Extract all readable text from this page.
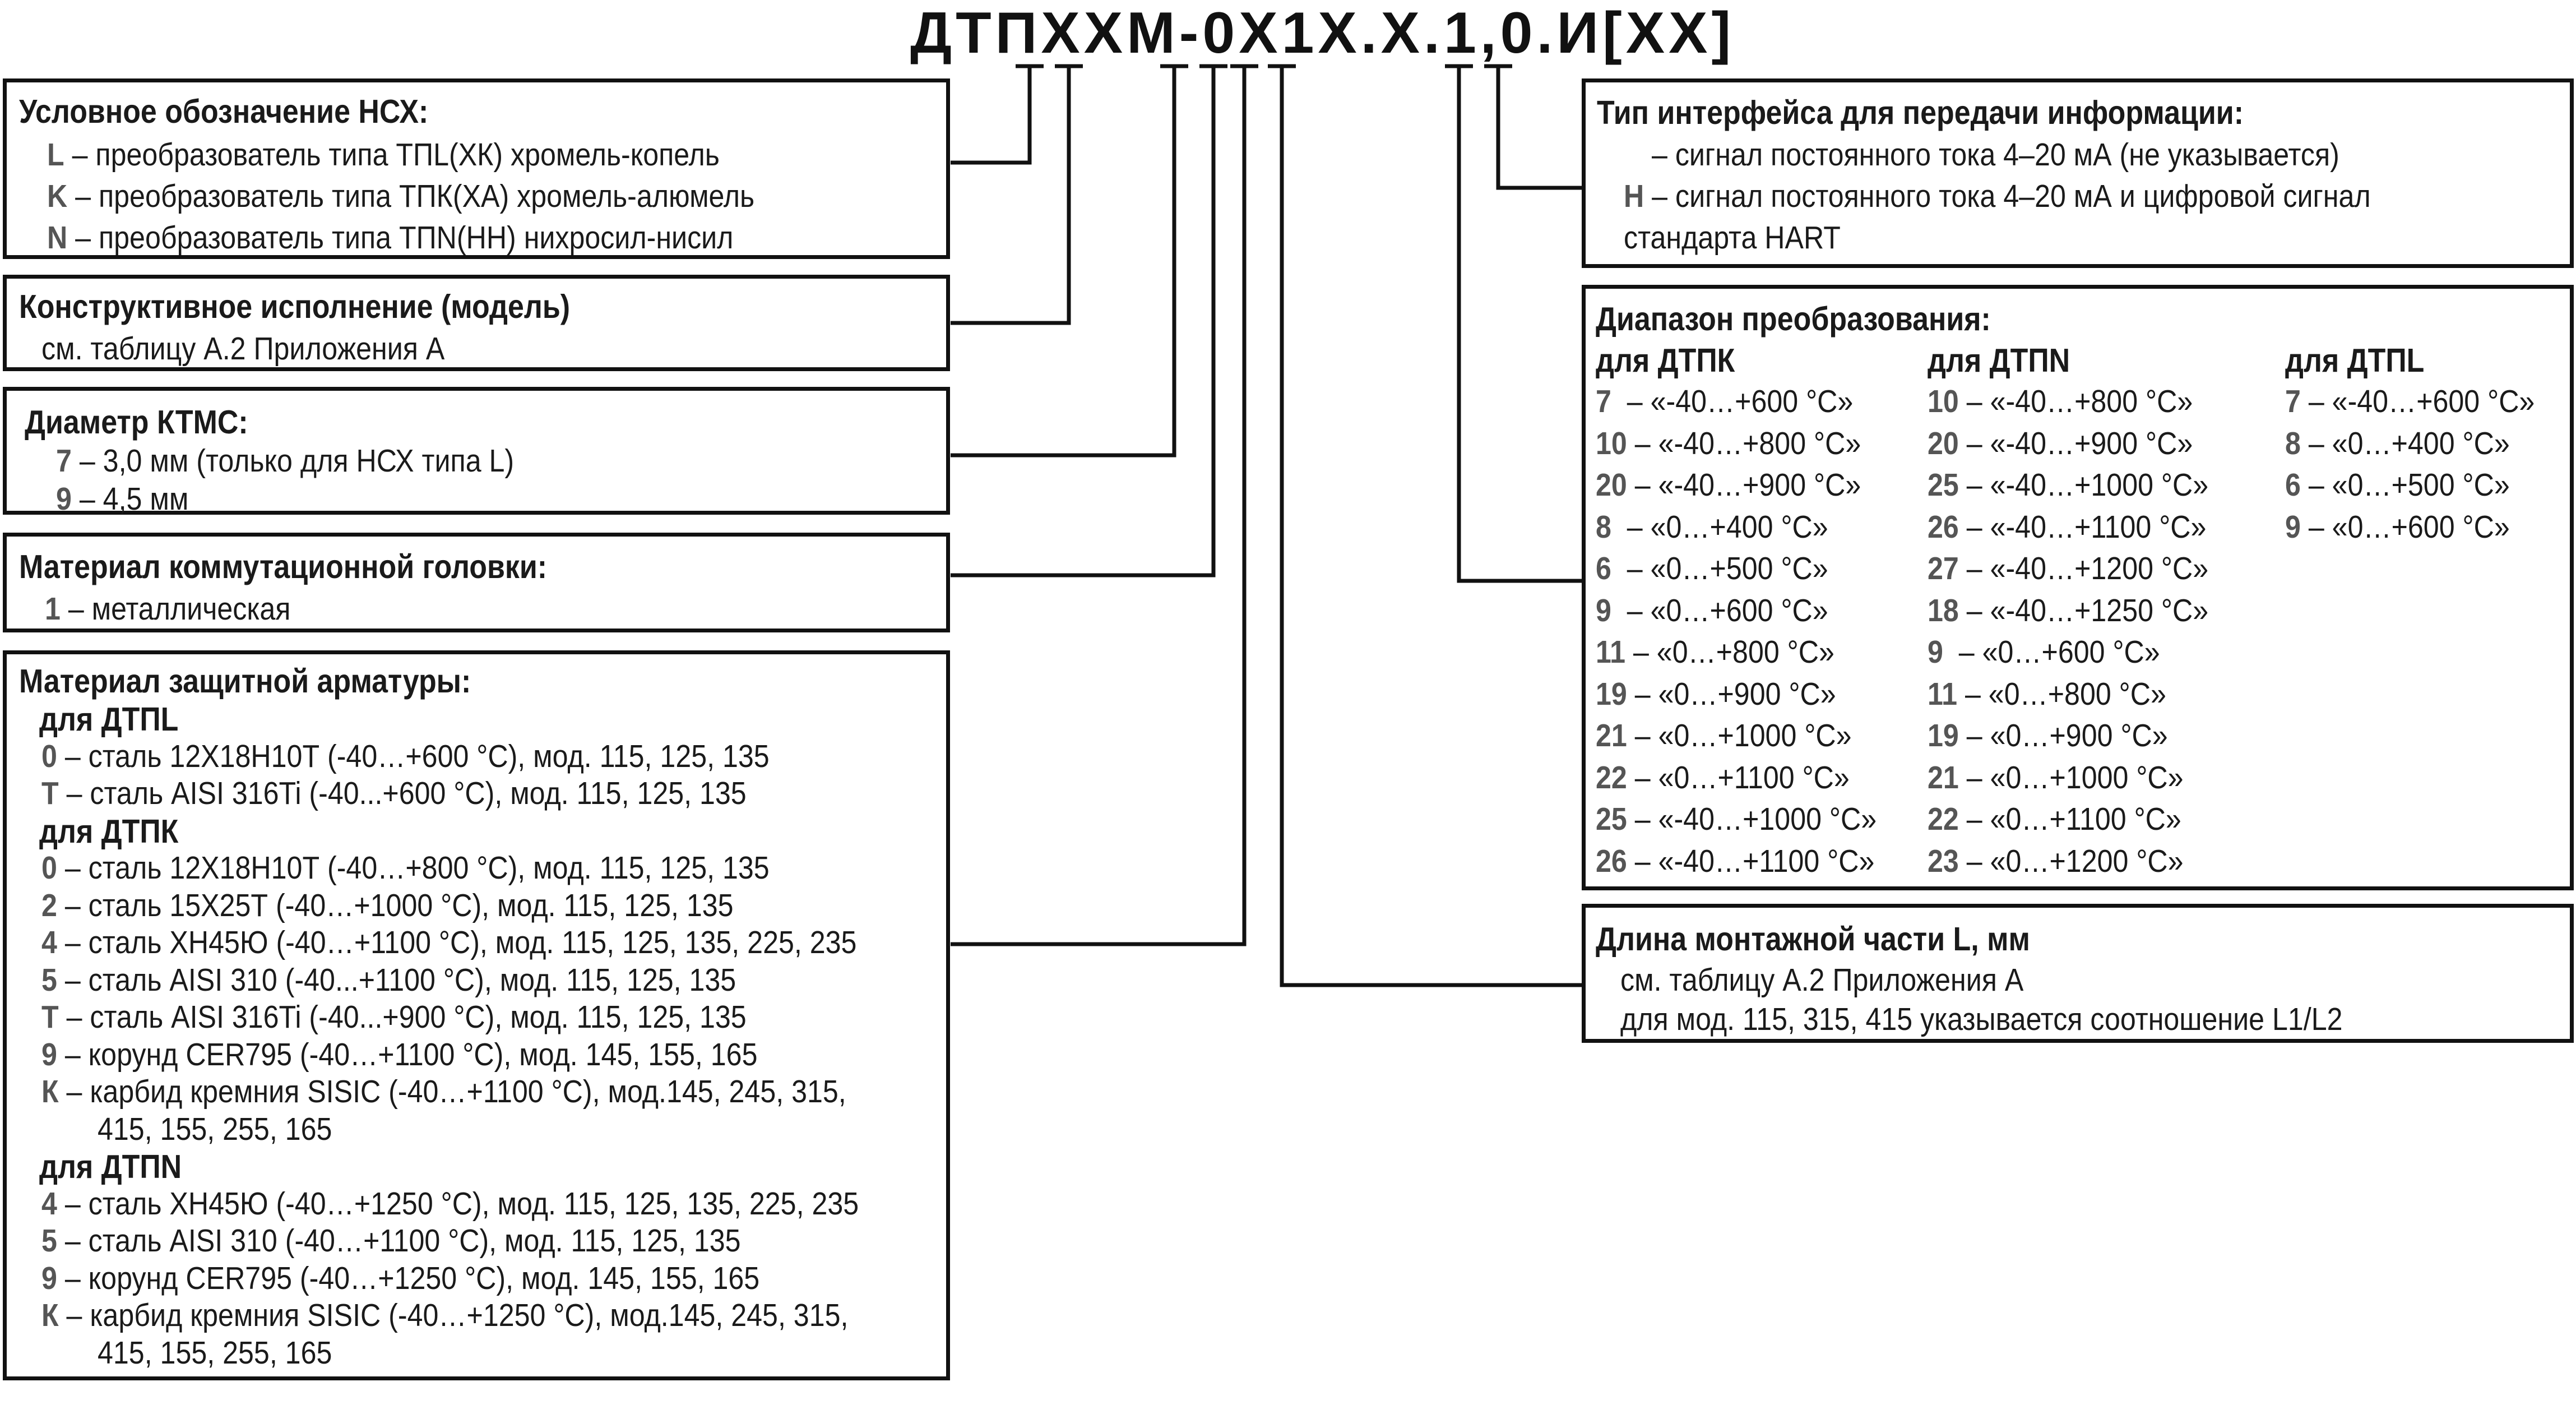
ДТПXXМ-0X1X.X.1,0.И[XX]
Условное обозначение НСХ:
L – преобразователь типа ТПL(ХК) хромель-копель
K – преобразователь типа ТПК(ХА) хромель-алюмель
N – преобразователь типа ТПN(НН) нихросил-нисил
Конструктивное исполнение (модель)
см. таблицу А.2 Приложения А
Диаметр КТМС:
7 – 3,0 мм (только для НСХ типа L)
9 – 4,5 мм
Материал коммутационной головки:
1 – металлическая
Материал защитной арматуры:
для ДТПL
0 – сталь 12Х18Н10Т (-40…+600 °С), мод. 115, 125, 135
Т – сталь AISI 316Ti (-40...+600 °С), мод. 115, 125, 135
для ДТПК
0 – сталь 12Х18Н10Т (-40…+800 °С), мод. 115, 125, 135
2 – сталь 15Х25Т (-40…+1000 °С), мод. 115, 125, 135
4 – сталь ХН45Ю (-40…+1100 °С), мод. 115, 125, 135, 225, 235
5 – сталь AISI 310 (-40...+1100 °С), мод. 115, 125, 135
Т – сталь AISI 316Ti (-40...+900 °С), мод. 115, 125, 135
9 – корунд CER795 (-40…+1100 °С), мод. 145, 155, 165
К – карбид кремния SISIC (-40…+1100 °С), мод.145, 245, 315,
415, 155, 255, 165
для ДТПN
4 – сталь ХН45Ю (-40…+1250 °С), мод. 115, 125, 135, 225, 235
5 – сталь AISI 310 (-40…+1100 °С), мод. 115, 125, 135
9 – корунд CER795 (-40…+1250 °С), мод. 145, 155, 165
К – карбид кремния SISIC (-40…+1250 °С), мод.145, 245, 315,
415, 155, 255, 165
Тип интерфейса для передачи информации:
– сигнал постоянного тока 4–20 мА (не указывается)
Н – сигнал постоянного тока 4–20 мА и цифровой сигнал
стандарта HART
Диапазон преобразования:
для ДТПК
7  – «-40…+600 °С»
10 – «-40…+800 °С»
20 – «-40…+900 °С»
8  – «0…+400 °С»
6  – «0…+500 °С»
9  – «0…+600 °С»
11 – «0…+800 °С»
19 – «0…+900 °С»
21 – «0…+1000 °С»
22 – «0…+1100 °С»
25 – «-40…+1000 °С»
26 – «-40…+1100 °С»
для ДТПN
10 – «-40…+800 °С»
20 – «-40…+900 °С»
25 – «-40…+1000 °С»
26 – «-40…+1100 °С»
27 – «-40…+1200 °С»
18 – «-40…+1250 °С»
9  – «0…+600 °С»
11 – «0…+800 °С»
19 – «0…+900 °С»
21 – «0…+1000 °С»
22 – «0…+1100 °С»
23 – «0…+1200 °С»
для ДТПL
7 – «-40…+600 °С»
8 – «0…+400 °С»
6 – «0…+500 °С»
9 – «0…+600 °С»
Длина монтажной части L, мм
см. таблицу А.2 Приложения А
для мод. 115, 315, 415 указывается соотношение L1/L2
